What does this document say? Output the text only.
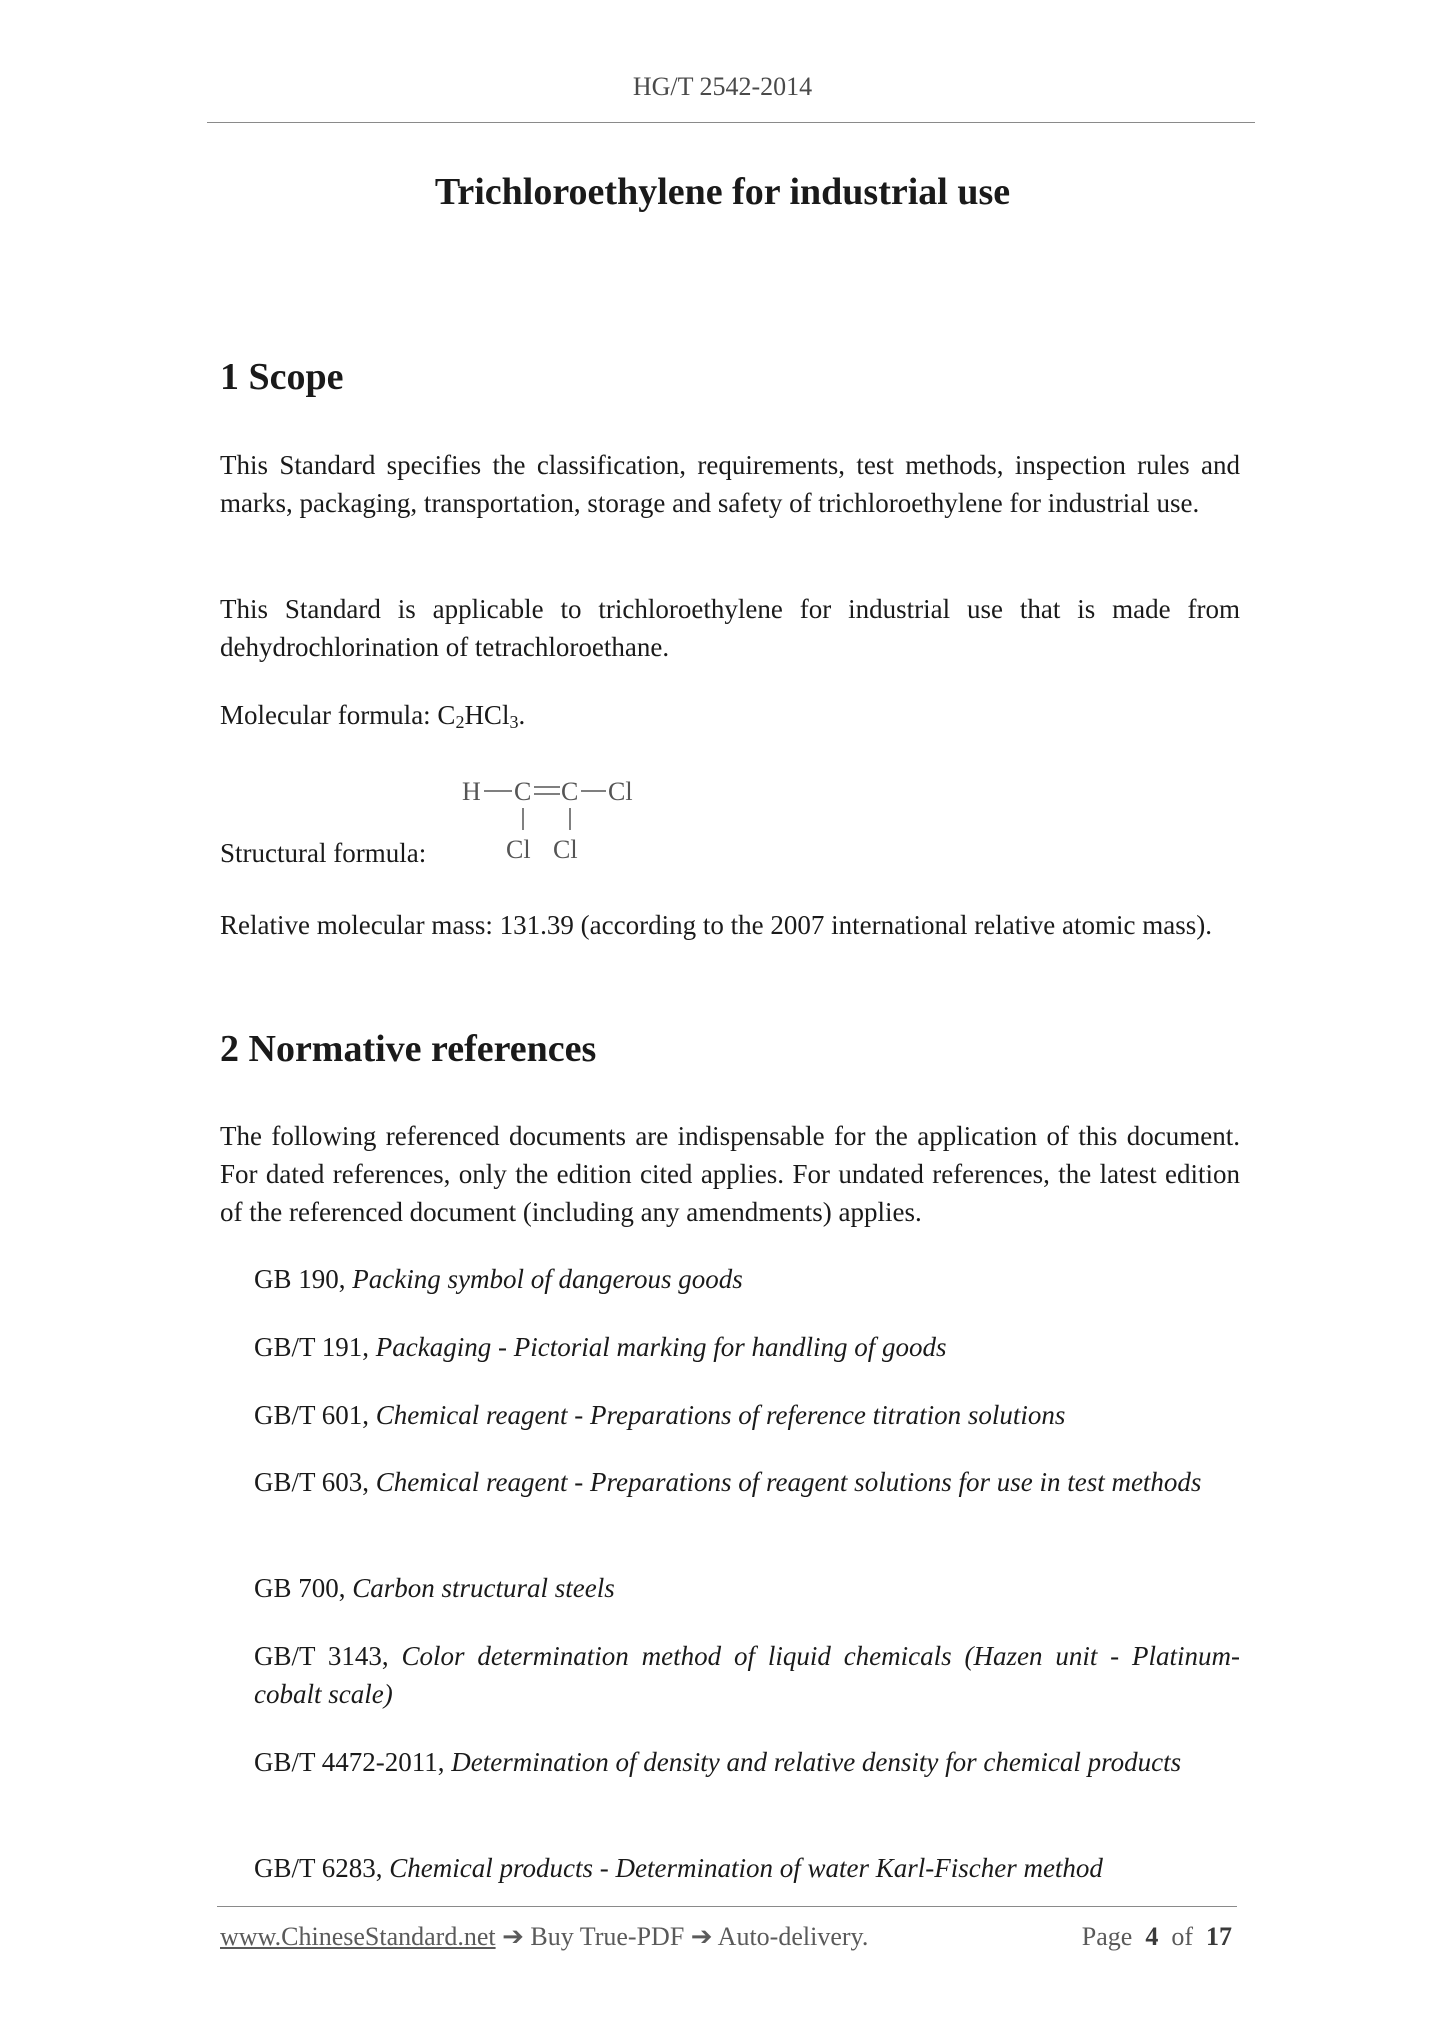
HG/T 2542-2014
Trichloroethylene for industrial use
1 Scope

This Standard specifies the classification, requirements, test methods, inspection rules and marks, packaging, transportation, storage and safety of trichloroethylene for industrial use.

This Standard is applicable to trichloroethylene for industrial use that is made from dehydrochlorination of tetrachloroethane.

Molecular formula: $C_2HCl_3$.

Structural formula:
H C C Cl
Cl Cl

Relative molecular mass: 131.39 (according to the 2007 international relative atomic mass).

2 Normative references

The following referenced documents are indispensable for the application of this document. For dated references, only the edition cited applies. For undated references, the latest edition of the referenced document (including any amendments) applies.

GB 190, Packing symbol of dangerous goods
GB/T 191, Packaging - Pictorial marking for handling of goods
GB/T 601, Chemical reagent - Preparations of reference titration solutions
GB/T 603, Chemical reagent - Preparations of reagent solutions for use in test methods
GB 700, Carbon structural steels
GB/T 3143, Color determination method of liquid chemicals (Hazen unit - Platinum-cobalt scale)
GB/T 4472-2011, Determination of density and relative density for chemical products
GB/T 6283, Chemical products - Determination of water Karl-Fischer method
www.ChineseStandard.net ➔ Buy True-PDF ➔ Auto-delivery.	Page 4 of 17
